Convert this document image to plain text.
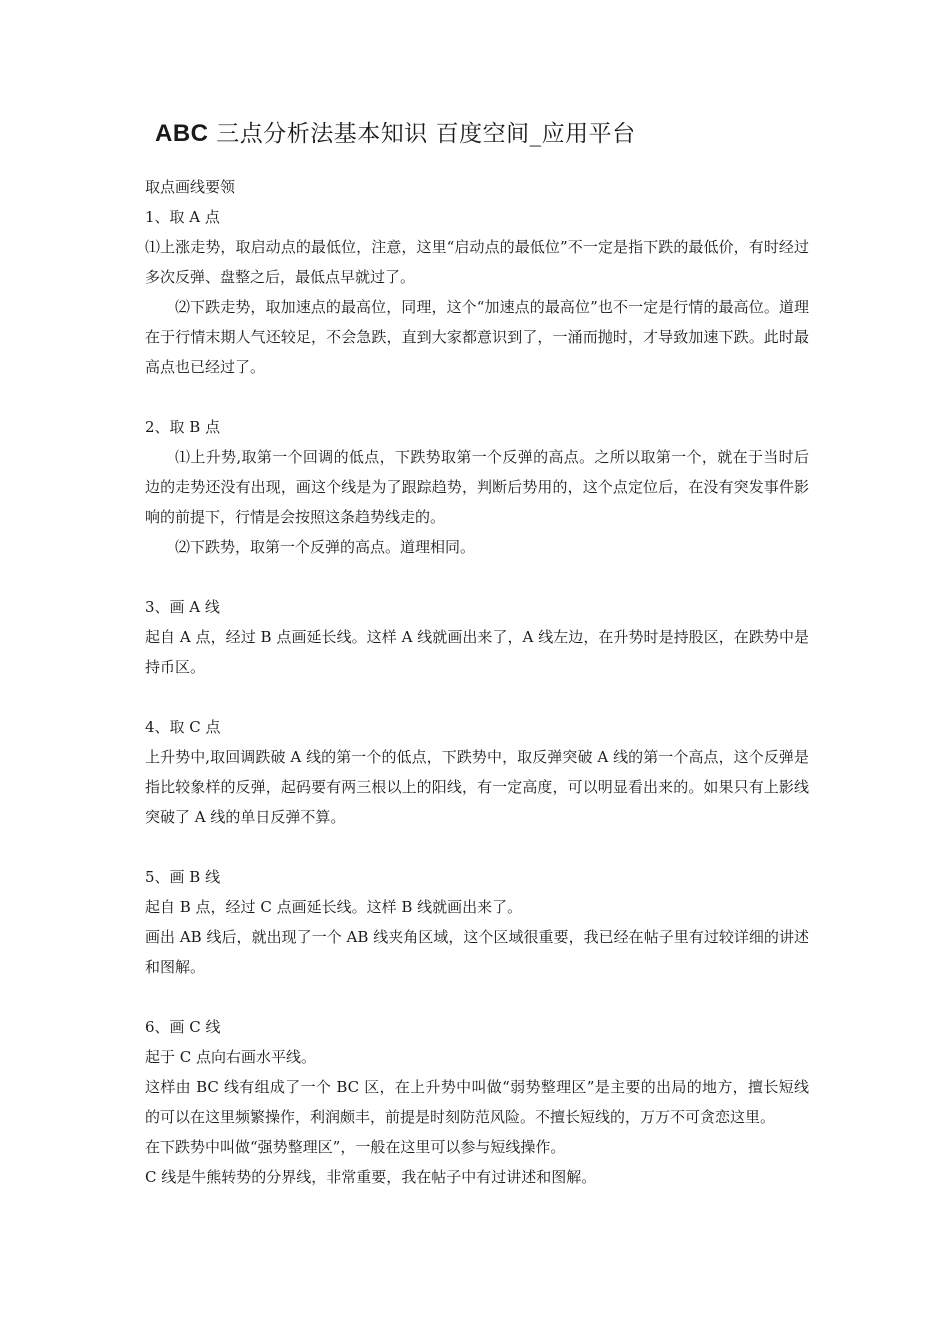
ABC 三点分析法基本知识 百度空间_应用平台

取点画线要领

1、取 A 点

⑴上涨走势，取启动点的最低位，注意，这里“启动点的最低位”不一定是指下跌的最低价，有时经过多次反弹、盘整之后，最低点早就过了。

⑵下跌走势，取加速点的最高位，同理，这个“加速点的最高位”也不一定是行情的最高位。道理在于行情末期人气还较足，不会急跌，直到大家都意识到了，一涌而抛时，才导致加速下跌。此时最高点也已经过了。

2、取 B 点

⑴上升势,取第一个回调的低点，下跌势取第一个反弹的高点。之所以取第一个，就在于当时后边的走势还没有出现，画这个线是为了跟踪趋势，判断后势用的，这个点定位后，在没有突发事件影响的前提下，行情是会按照这条趋势线走的。

⑵下跌势，取第一个反弹的高点。道理相同。

3、画 A 线

起自 A 点，经过 B 点画延长线。这样 A 线就画出来了，A 线左边，在升势时是持股区，在跌势中是持币区。

4、取 C 点

上升势中,取回调跌破 A 线的第一个的低点，下跌势中，取反弹突破 A 线的第一个高点，这个反弹是指比较象样的反弹，起码要有两三根以上的阳线，有一定高度，可以明显看出来的。如果只有上影线突破了 A 线的单日反弹不算。

5、画 B 线

起自 B 点，经过 C 点画延长线。这样 B 线就画出来了。

画出 AB 线后，就出现了一个 AB 线夹角区域，这个区域很重要，我已经在帖子里有过较详细的讲述和图解。

6、画 C 线

起于 C 点向右画水平线。

这样由 BC 线有组成了一个 BC 区，在上升势中叫做“弱势整理区”是主要的出局的地方，擅长短线的可以在这里频繁操作，利润颇丰，前提是时刻防范风险。不擅长短线的，万万不可贪恋这里。

在下跌势中叫做“强势整理区”，一般在这里可以参与短线操作。

C 线是牛熊转势的分界线，非常重要，我在帖子中有过讲述和图解。
